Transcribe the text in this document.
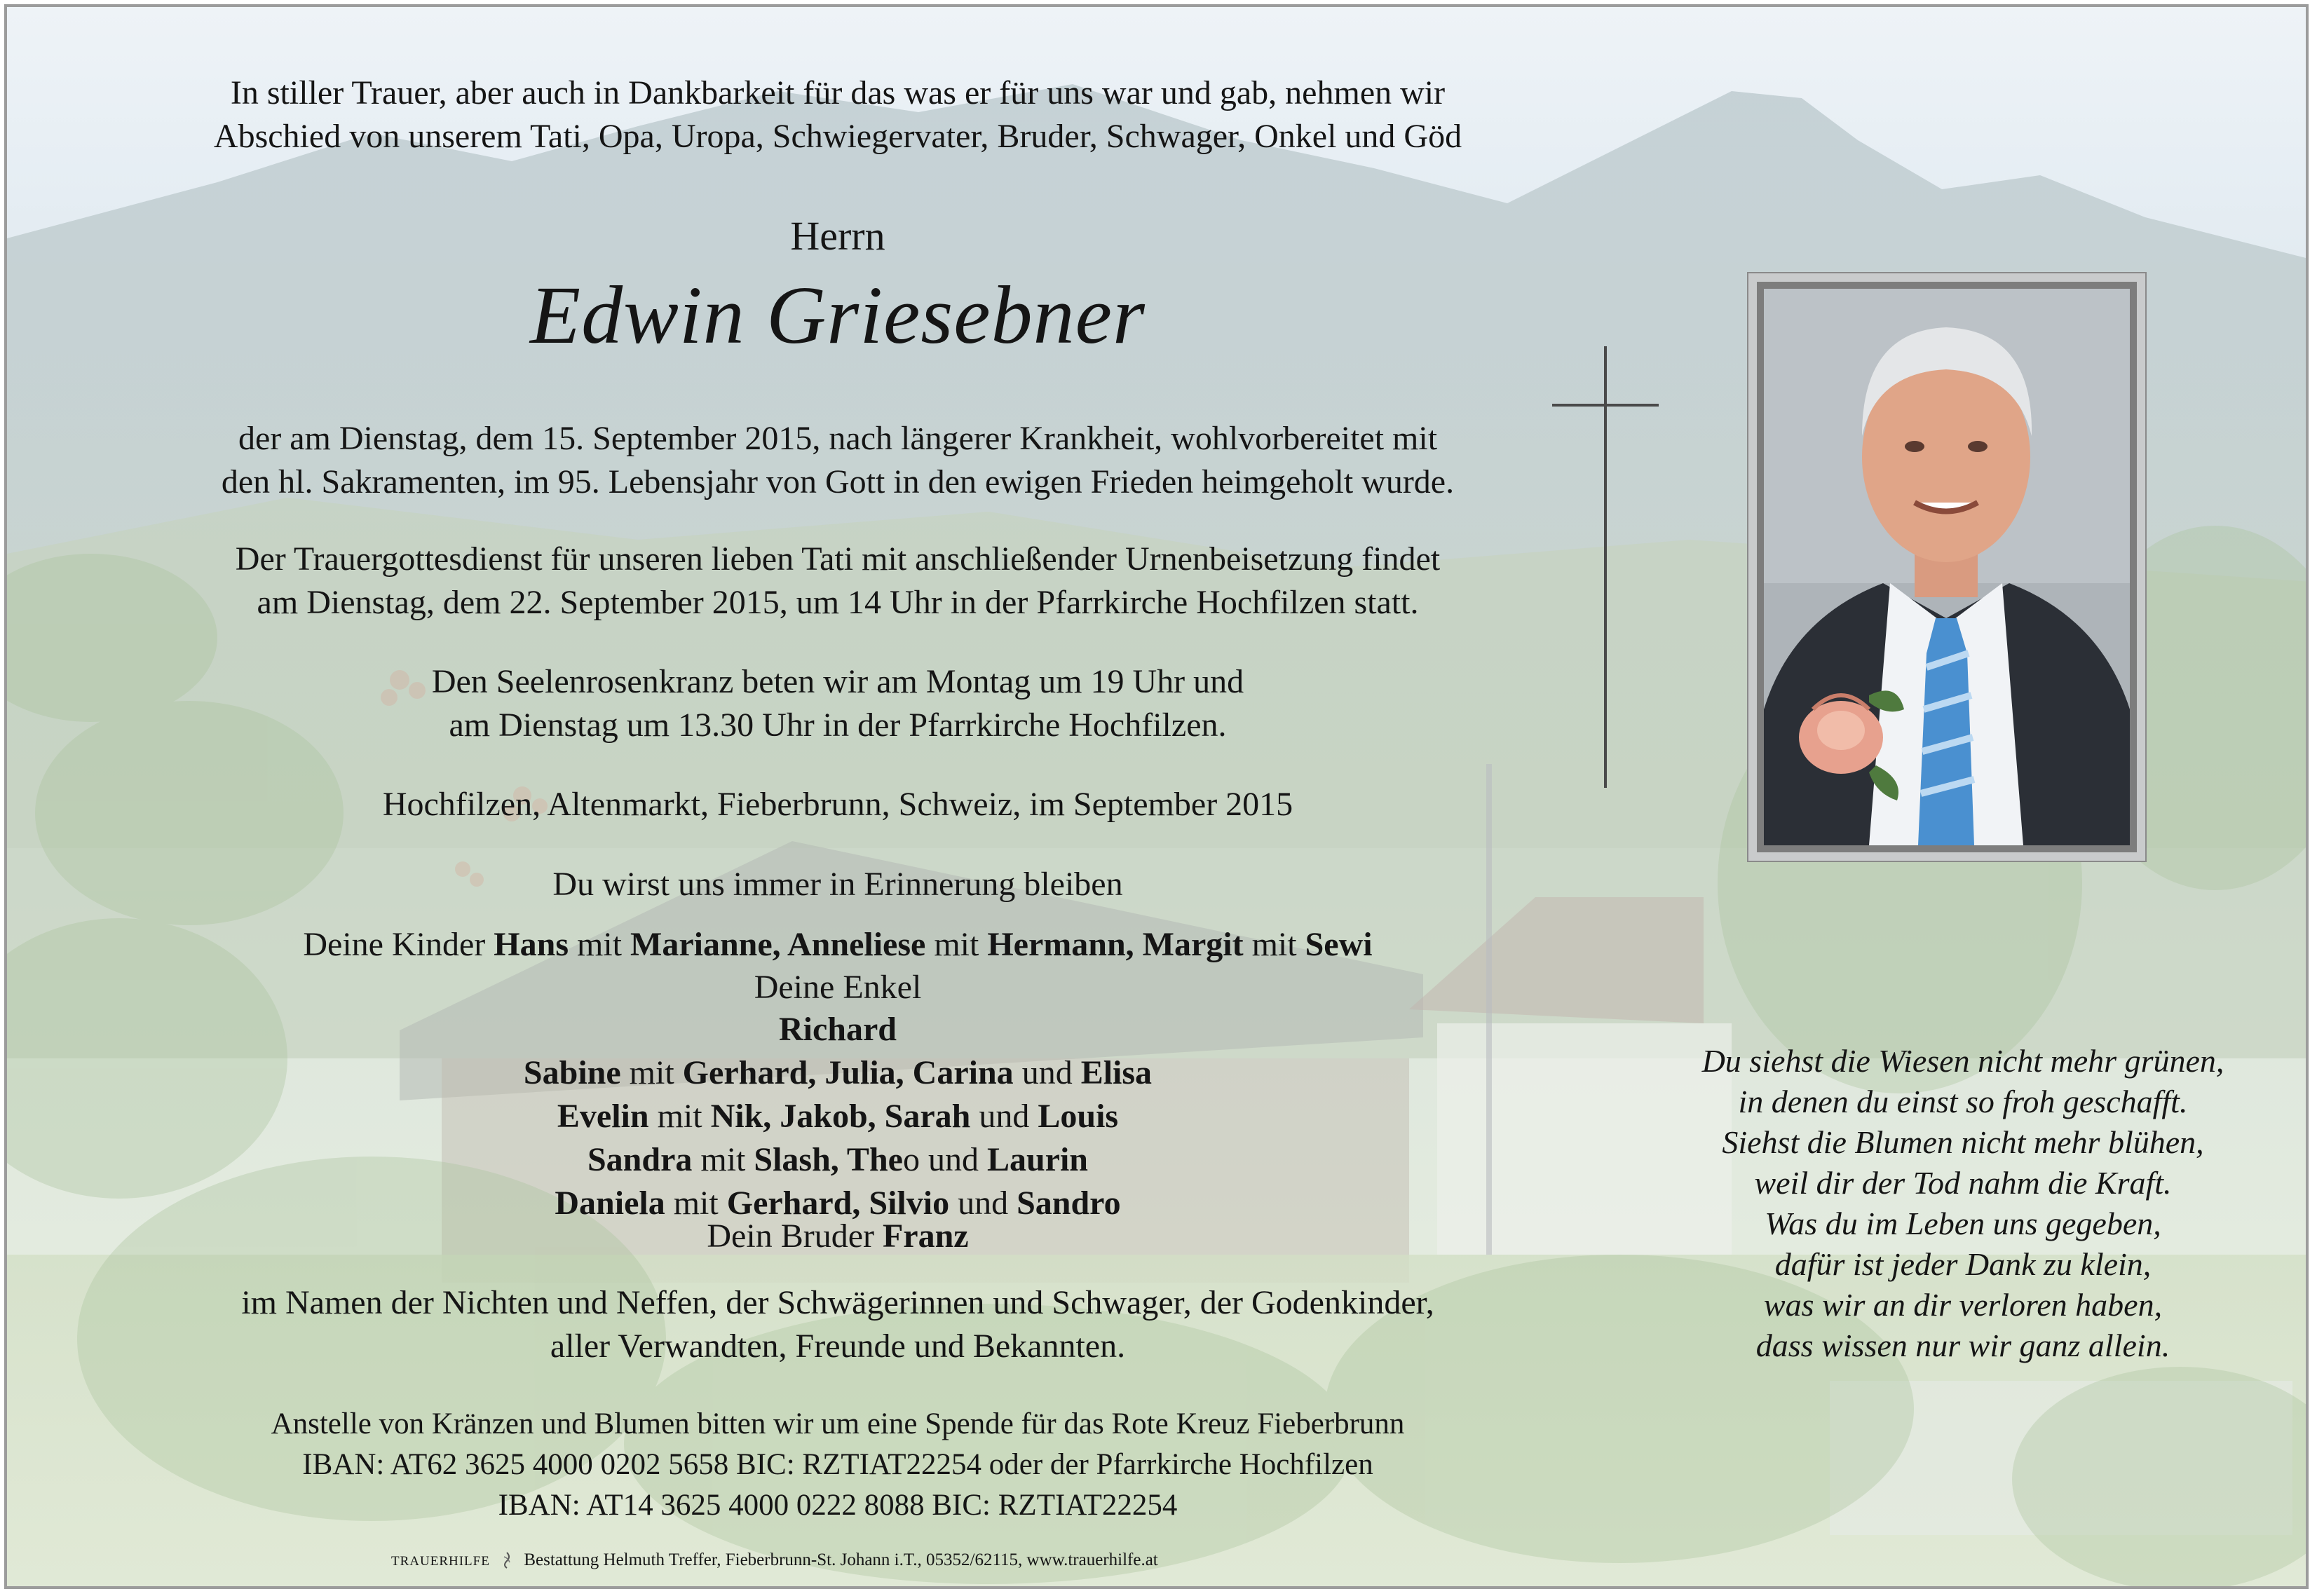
In stiller Trauer, aber auch in Dankbarkeit für das was er für uns war und gab, nehmen wir
Abschied von unserem Tati, Opa, Uropa, Schwiegervater, Bruder, Schwager, Onkel und Göd
Herrn
Edwin Griesebner
der am Dienstag, dem 15. September 2015, nach längerer Krankheit, wohlvorbereitet mit
den hl. Sakramenten, im 95. Lebensjahr von Gott in den ewigen Frieden heimgeholt wurde.
Der Trauergottesdienst für unseren lieben Tati mit anschließender Urnenbeisetzung findet
am Dienstag, dem 22. September 2015, um 14 Uhr in der Pfarrkirche Hochfilzen statt.
Den Seelenrosenkranz beten wir am Montag um 19 Uhr und
am Dienstag um 13.30 Uhr in der Pfarrkirche Hochfilzen.
Hochfilzen, Altenmarkt, Fieberbrunn, Schweiz, im September 2015
Du wirst uns immer in Erinnerung bleiben
Deine Kinder Hans mit Marianne, Anneliese mit Hermann, Margit mit Sewi
Deine Enkel
Richard
Sabine mit Gerhard, Julia, Carina und Elisa
Evelin mit Nik, Jakob, Sarah und Louis
Sandra mit Slash, Theo und Laurin
Daniela mit Gerhard, Silvio und Sandro
Dein Bruder Franz
im Namen der Nichten und Neffen, der Schwägerinnen und Schwager, der Godenkinder,
aller Verwandten, Freunde und Bekannten.
Anstelle von Kränzen und Blumen bitten wir um eine Spende für das Rote Kreuz Fieberbrunn
IBAN: AT62 3625 4000 0202 5658 BIC: RZTIAT22254 oder der Pfarrkirche Hochfilzen
IBAN: AT14 3625 4000 0222 8088 BIC: RZTIAT22254
Du siehst die Wiesen nicht mehr grünen,
in denen du einst so froh geschafft.
Siehst die Blumen nicht mehr blühen,
weil dir der Tod nahm die Kraft.
Was du im Leben uns gegeben,
dafür ist jeder Dank zu klein,
was wir an dir verloren haben,
dass wissen nur wir ganz allein.
TRAUERHILFE Bestattung Helmuth Treffer, Fieberbrunn-St. Johann i.T., 05352/62115, www.trauerhilfe.at
